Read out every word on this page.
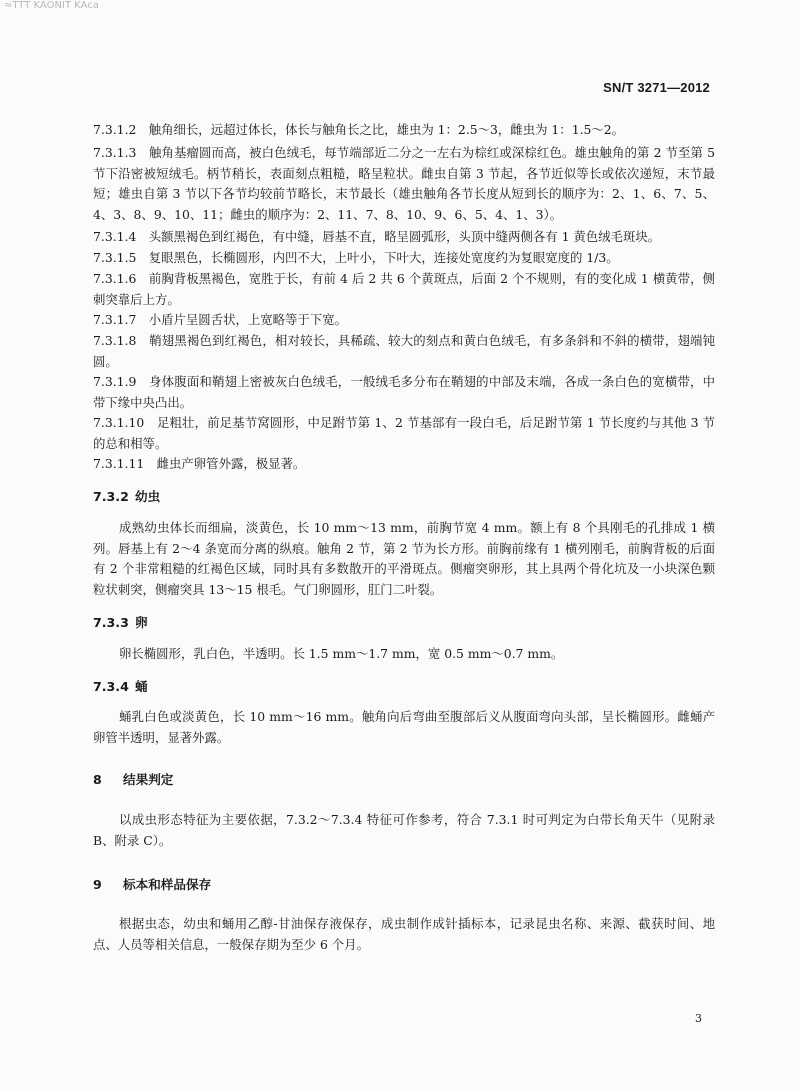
≈TTT KAONIT KAca
SN/T 3271—2012
7.3.1.2　触角细长，远超过体长，体长与触角长之比，雄虫为 1：2.5～3，雌虫为 1：1.5～2。
7.3.1.3　触角基瘤圆而高，被白色绒毛，每节端部近二分之一左右为棕红或深棕红色。雄虫触角的第 2 节至第 5 节下沿密被短绒毛。柄节稍长，表面刻点粗糙，略呈粒状。雌虫自第 3 节起，各节近似等长或依次递短，末节最短；雄虫自第 3 节以下各节均较前节略长，末节最长（雄虫触角各节长度从短到长的顺序为：2、1、6、7、5、4、3、8、9、10、11；雌虫的顺序为：2、11、7、8、10、9、6、5、4、1、3）。
7.3.1.4　头额黑褐色到红褐色，有中缝，唇基不直，略呈圆弧形，头顶中缝两侧各有 1 黄色绒毛斑块。
7.3.1.5　复眼黑色，长椭圆形，内凹不大，上叶小，下叶大，连接处宽度约为复眼宽度的 1/3。
7.3.1.6　前胸背板黑褐色，宽胜于长，有前 4 后 2 共 6 个黄斑点，后面 2 个不规则，有的变化成 1 横黄带，侧刺突靠后上方。
7.3.1.7　小盾片呈圆舌状，上宽略等于下宽。
7.3.1.8　鞘翅黑褐色到红褐色，相对较长，具稀疏、较大的刻点和黄白色绒毛，有多条斜和不斜的横带，翅端钝圆。
7.3.1.9　身体腹面和鞘翅上密被灰白色绒毛，一般绒毛多分布在鞘翅的中部及末端，各成一条白色的宽横带，中带下缘中央凸出。
7.3.1.10　足粗壮，前足基节窝圆形，中足跗节第 1、2 节基部有一段白毛，后足跗节第 1 节长度约与其他 3 节的总和相等。
7.3.1.11　雌虫产卵管外露，极显著。
7.3.2 幼虫
成熟幼虫体长而细扁，淡黄色，长 10 mm～13 mm，前胸节宽 4 mm。额上有 8 个具刚毛的孔排成 1 横列。唇基上有 2～4 条宽而分离的纵痕。触角 2 节，第 2 节为长方形。前胸前缘有 1 横列刚毛，前胸背板的后面有 2 个非常粗糙的红褐色区域，同时具有多数散开的平滑斑点。侧瘤突卵形，其上具两个骨化坑及一小块深色颗粒状刺突，侧瘤突具 13～15 根毛。气门卵圆形，肛门二叶裂。
7.3.3 卵
卵长椭圆形，乳白色，半透明。长 1.5 mm～1.7 mm，宽 0.5 mm～0.7 mm。
7.3.4 蛹
蛹乳白色或淡黄色，长 10 mm～16 mm。触角向后弯曲至腹部后义从腹面弯向头部，呈长椭圆形。雌蛹产卵管半透明，显著外露。
8 结果判定
以成虫形态特征为主要依据，7.3.2～7.3.4 特征可作参考，符合 7.3.1 时可判定为白带长角天牛（见附录 B、附录 C）。
9 标本和样品保存
根据虫态，幼虫和蛹用乙醇-甘油保存液保存，成虫制作成针插标本，记录昆虫名称、来源、截获时间、地点、人员等相关信息，一般保存期为至少 6 个月。
3
